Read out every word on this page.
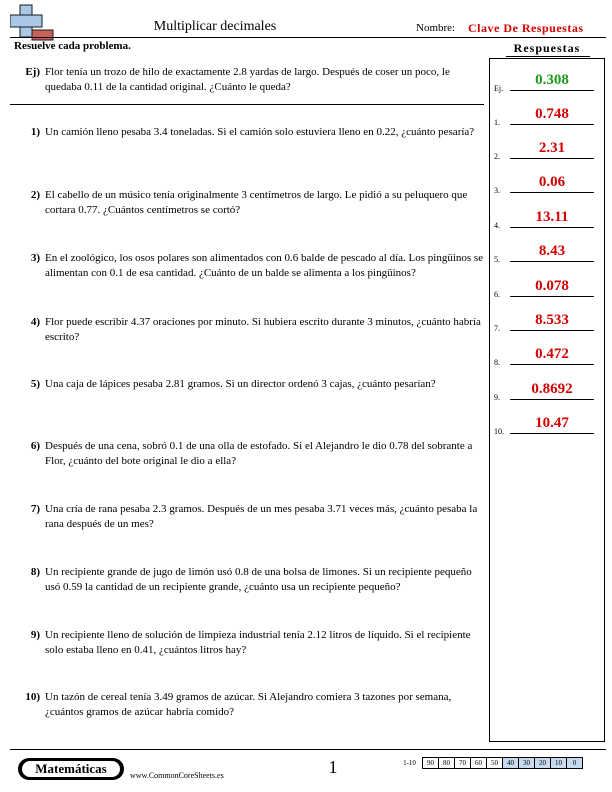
Multiplicar decimales	Nombre: Clave De Respuestas
Resuelve cada problema.	Respuestas
Ej) Flor tenía un trozo de hilo de exactamente 2.8 yardas de largo. Después de coser un poco, le quedaba 0.11 de la cantidad original. ¿Cuánto le queda?
1) Un camión lleno pesaba 3.4 toneladas. Si el camión solo estuviera lleno en 0.22, ¿cuánto pesaría?
2) El cabello de un músico tenía originalmente 3 centímetros de largo. Le pidió a su peluquero que cortara 0.77. ¿Cuántos centímetros se cortó?
3) En el zoológico, los osos polares son alimentados con 0.6 balde de pescado al día. Los pingüinos se alimentan con 0.1 de esa cantidad. ¿Cuánto de un balde se alimenta a los pingüinos?
4) Flor puede escribir 4.37 oraciones por minuto. Si hubiera escrito durante 3 minutos, ¿cuánto habría escrito?
5) Una caja de lápices pesaba 2.81 gramos. Si un director ordenó 3 cajas, ¿cuánto pesarían?
6) Después de una cena, sobró 0.1 de una olla de estofado. Si el Alejandro le dio 0.78 del sobrante a Flor, ¿cuánto del bote original le dio a ella?
7) Una cría de rana pesaba 2.3 gramos. Después de un mes pesaba 3.71 veces más, ¿cuánto pesaba la rana después de un mes?
8) Un recipiente grande de jugo de limón usó 0.8 de una bolsa de limones. Si un recipiente pequeño usó 0.59 la cantidad de un recipiente grande, ¿cuánto usa un recipiente pequeño?
9) Un recipiente lleno de solución de limpieza industrial tenía 2.12 litros de líquido. Si el recipiente solo estaba lleno en 0.41, ¿cuántos litros hay?
10) Un tazón de cereal tenía 3.49 gramos de azúcar. Si Alejandro comiera 3 tazones por semana, ¿cuántos gramos de azúcar habría comido?
Ej.
0.308
1.
0.748
2.
2.31
3.
0.06
4.
13.11
5.
8.43
6.
0.078
7.
8.533
8.
0.472
9.
0.8692
10.
10.47
Matemáticas	www.CommonCoreSheets.es	1	1-10	90	80	70	60	50	40	30	20	10	0
